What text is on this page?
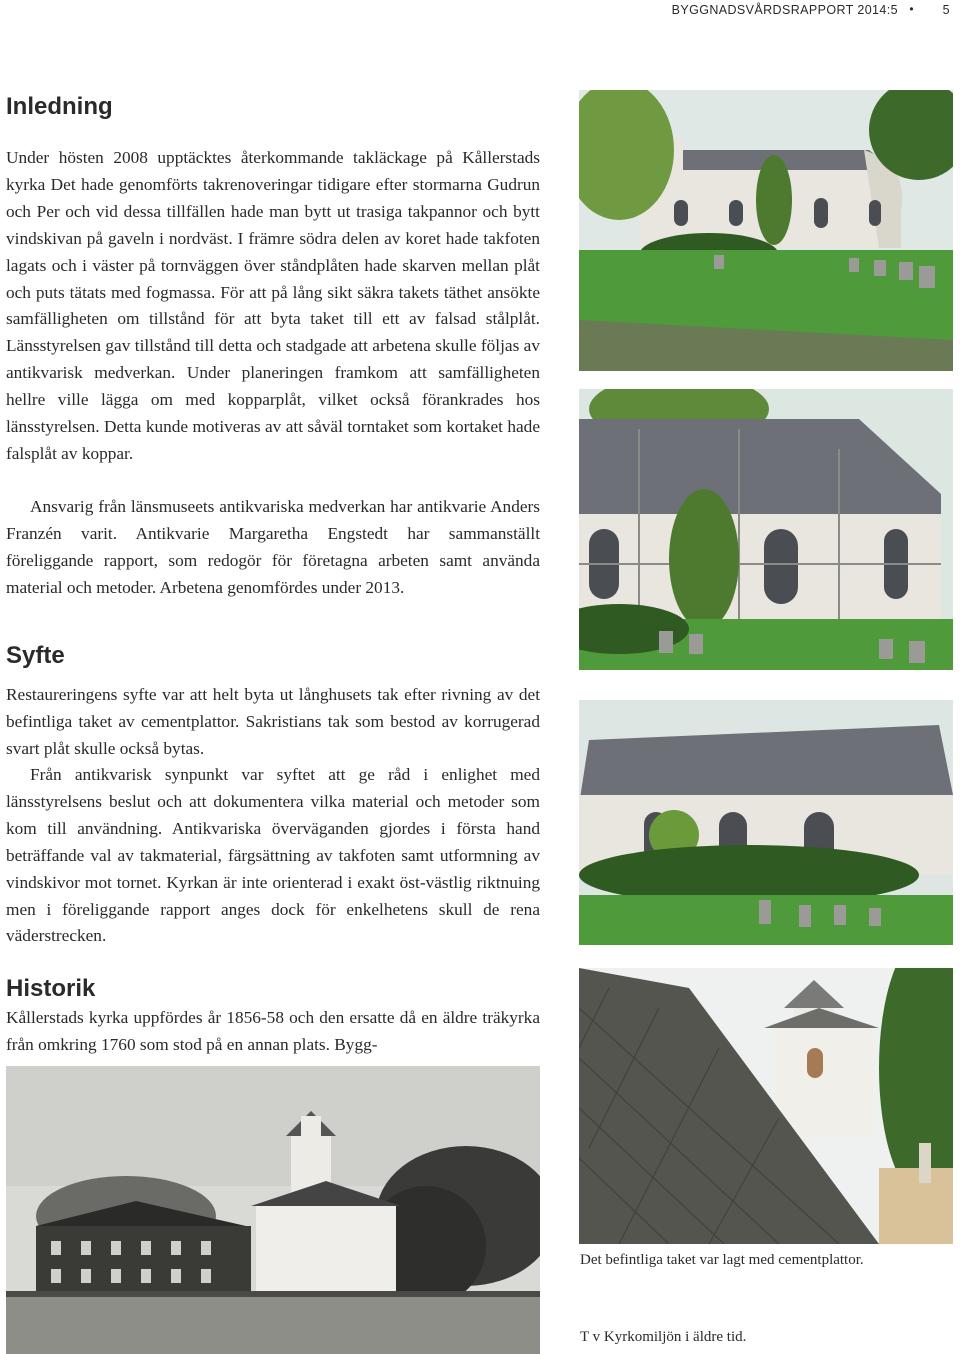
BYGGNADSVÅRDSRAPPORT 2014:5 • 5
Inledning

Under hösten 2008 upptäcktes återkommande takläckage på Kållerstads kyrka Det hade genomförts takrenoveringar tidigare efter stormarna Gudrun och Per och vid dessa tillfällen hade man bytt ut trasiga takpannor och bytt vindskivan på gaveln i nordväst. I främre södra delen av koret hade takfoten lagats och i väster på tornväggen över ståndplåten hade skarven mellan plåt och puts tätats med fogmassa. För att på lång sikt säkra takets täthet ansökte samfälligheten om tillstånd för att byta taket till ett av falsad stålplåt. Länsstyrelsen gav tillstånd till detta och stadgade att arbetena skulle följas av antikvarisk medverkan. Under planeringen framkom att samfälligheten hellre ville lägga om med kopparplåt, vilket också förankrades hos länsstyrelsen. Detta kunde motiveras av att såväl torntaket som kortaket hade falsplåt av koppar.

Ansvarig från länsmuseets antikvariska medverkan har antikvarie Anders Franzén varit. Antikvarie Margaretha Engstedt har sammanställt föreliggande rapport, som redogör för företagna arbeten samt använda material och metoder. Arbetena genomfördes under 2013.

Syfte

Restaureringens syfte var att helt byta ut långhusets tak efter rivning av det befintliga taket av cementplattor. Sakristians tak som bestod av korrugerad svart plåt skulle också bytas.

Från antikvarisk synpunkt var syftet att ge råd i enlighet med länsstyrelsens beslut och att dokumentera vilka material och metoder som kom till användning. Antikvariska överväganden gjordes i första hand beträffande val av takmaterial, färgsättning av takfoten samt utformning av vindskivor mot tornet. Kyrkan är inte orienterad i exakt öst-västlig riktnuing men i föreliggande rapport anges dock för enkelhetens skull de rena väderstrecken.

Historik

Kållerstads kyrka uppfördes år 1856-58 och den ersatte då en äldre träkyrka från omkring 1760 som stod på en annan plats. Bygg-

Det befintliga taket var lagt med cementplattor.
T v Kyrkomiljön i äldre tid.
